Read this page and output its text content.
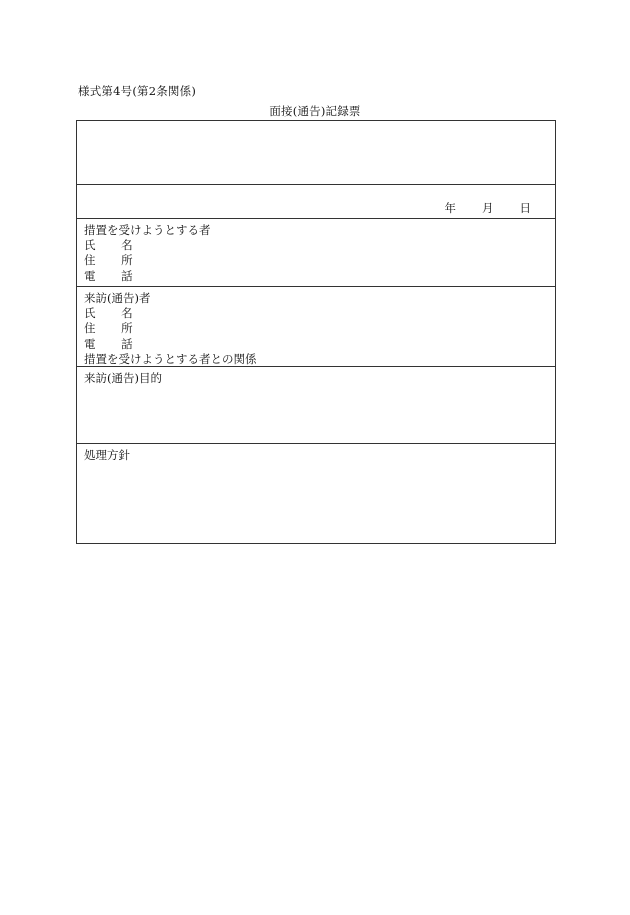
様式第4号(第2条関係)
面接(通告)記録票
年 月 日
措置を受けようとする者
氏 名
住 所
電 話
来訪(通告)者
氏 名
住 所
電 話
措置を受けようとする者との関係
来訪(通告)目的
処理方針
